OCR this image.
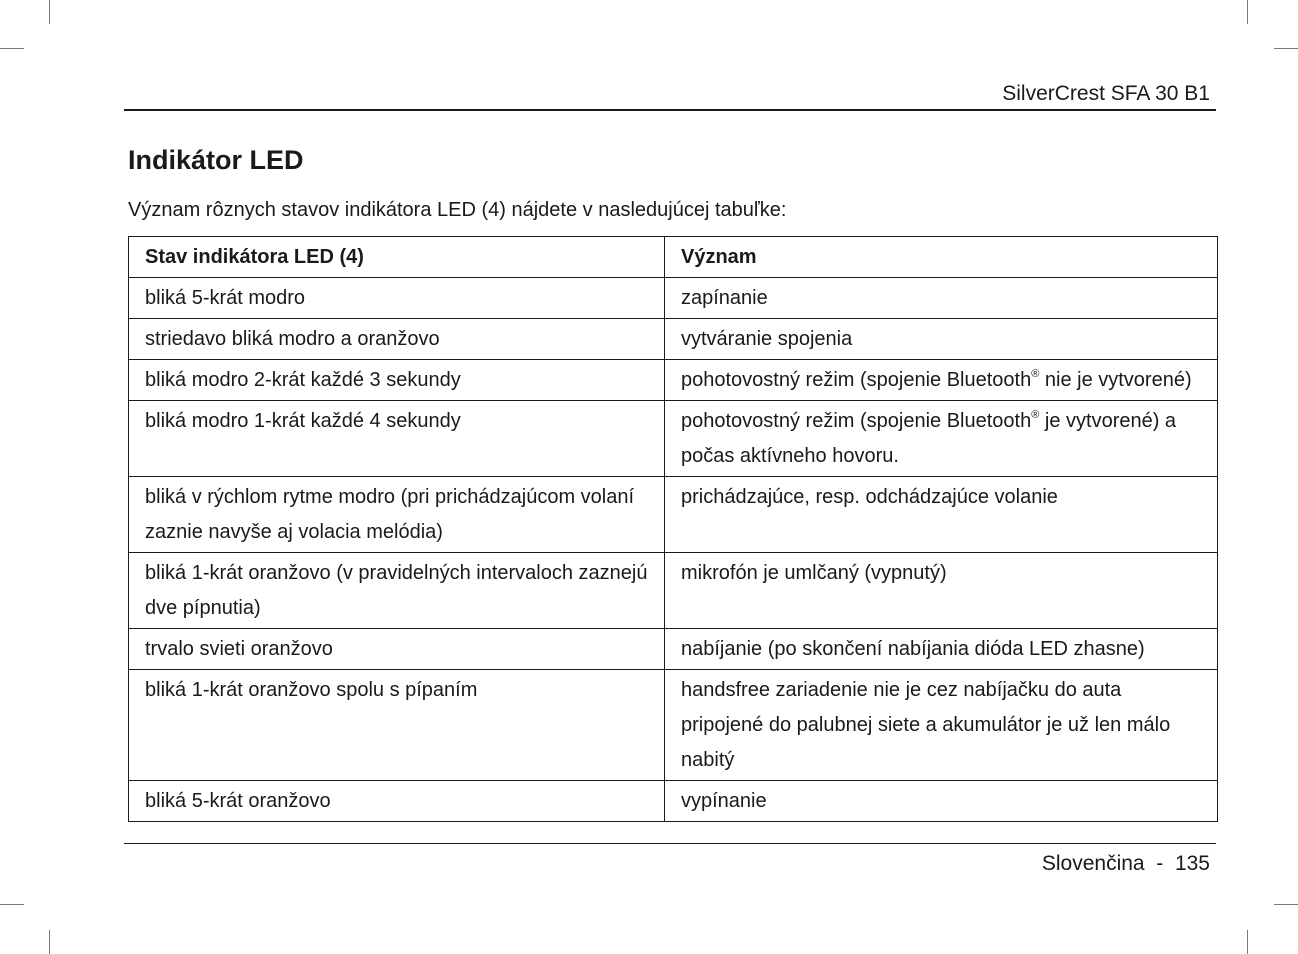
SilverCrest SFA 30 B1
Indikátor LED

Význam rôznych stavov indikátora LED (4) nájdete v nasledujúcej tabuľke:

Stav indikátora LED (4)	Význam
bliká 5-krát modro	zapínanie
striedavo bliká modro a oranžovo	vytváranie spojenia
bliká modro 2-krát každé 3 sekundy	pohotovostný režim (spojenie Bluetooth® nie je vytvorené)
bliká modro 1-krát každé 4 sekundy	pohotovostný režim (spojenie Bluetooth® je vytvorené) a počas aktívneho hovoru.
bliká v rýchlom rytme modro (pri prichádzajúcom volaní zaznie navyše aj volacia melódia)	prichádzajúce, resp. odchádzajúce volanie
bliká 1-krát oranžovo (v pravidelných intervaloch zaznejú dve pípnutia)	mikrofón je umlčaný (vypnutý)
trvalo svieti oranžovo	nabíjanie (po skončení nabíjania dióda LED zhasne)
bliká 1-krát oranžovo spolu s pípaním	handsfree zariadenie nie je cez nabíjačku do auta pripojené do palubnej siete a akumulátor je už len málo nabitý
bliká 5-krát oranžovo	vypínanie
Slovenčina - 135
